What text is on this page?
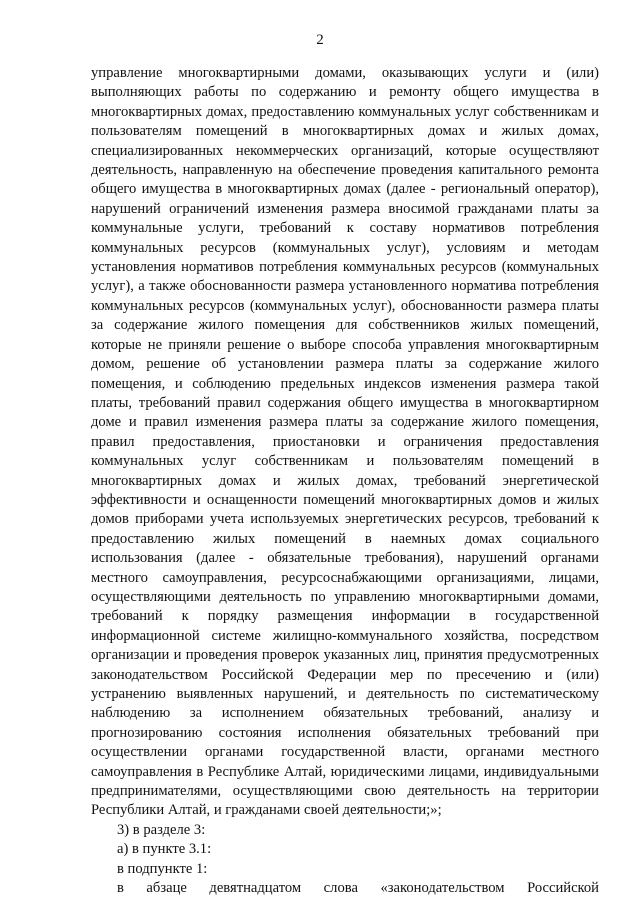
2

управление многоквартирными домами, оказывающих услуги и (или) выполняющих работы по содержанию и ремонту общего имущества в многоквартирных домах, предоставлению коммунальных услуг собственникам и пользователям помещений в многоквартирных домах и жилых домах, специализированных некоммерческих организаций, которые осуществляют деятельность, направленную на обеспечение проведения капитального ремонта общего имущества в многоквартирных домах (далее - региональный оператор), нарушений ограничений изменения размера вносимой гражданами платы за коммунальные услуги, требований к составу нормативов потребления коммунальных ресурсов (коммунальных услуг), условиям и методам установления нормативов потребления коммунальных ресурсов (коммунальных услуг), а также обоснованности размера установленного норматива потребления коммунальных ресурсов (коммунальных услуг), обоснованности размера платы за содержание жилого помещения для собственников жилых помещений, которые не приняли решение о выборе способа управления многоквартирным домом, решение об установлении размера платы за содержание жилого помещения, и соблюдению предельных индексов изменения размера такой платы, требований правил содержания общего имущества в многоквартирном доме и правил изменения размера платы за содержание жилого помещения, правил предоставления, приостановки и ограничения предоставления коммунальных услуг собственникам и пользователям помещений в многоквартирных домах и жилых домах, требований энергетической эффективности и оснащенности помещений многоквартирных домов и жилых домов приборами учета используемых энергетических ресурсов, требований к предоставлению жилых помещений в наемных домах социального использования (далее - обязательные требования), нарушений органами местного самоуправления, ресурсоснабжающими организациями, лицами, осуществляющими деятельность по управлению многоквартирными домами, требований к порядку размещения информации в государственной информационной системе жилищно-коммунального хозяйства, посредством организации и проведения проверок указанных лиц, принятия предусмотренных законодательством Российской Федерации мер по пресечению и (или) устранению выявленных нарушений, и деятельность по систематическому наблюдению за исполнением обязательных требований, анализу и прогнозированию состояния исполнения обязательных требований при осуществлении органами государственной власти, органами местного самоуправления в Республике Алтай, юридическими лицами, индивидуальными предпринимателями, осуществляющими свою деятельность на территории Республики Алтай, и гражданами своей деятельности;»;

3) в разделе 3:

а) в пункте 3.1:

в подпункте 1:

в абзаце девятнадцатом слова «законодательством Российской
